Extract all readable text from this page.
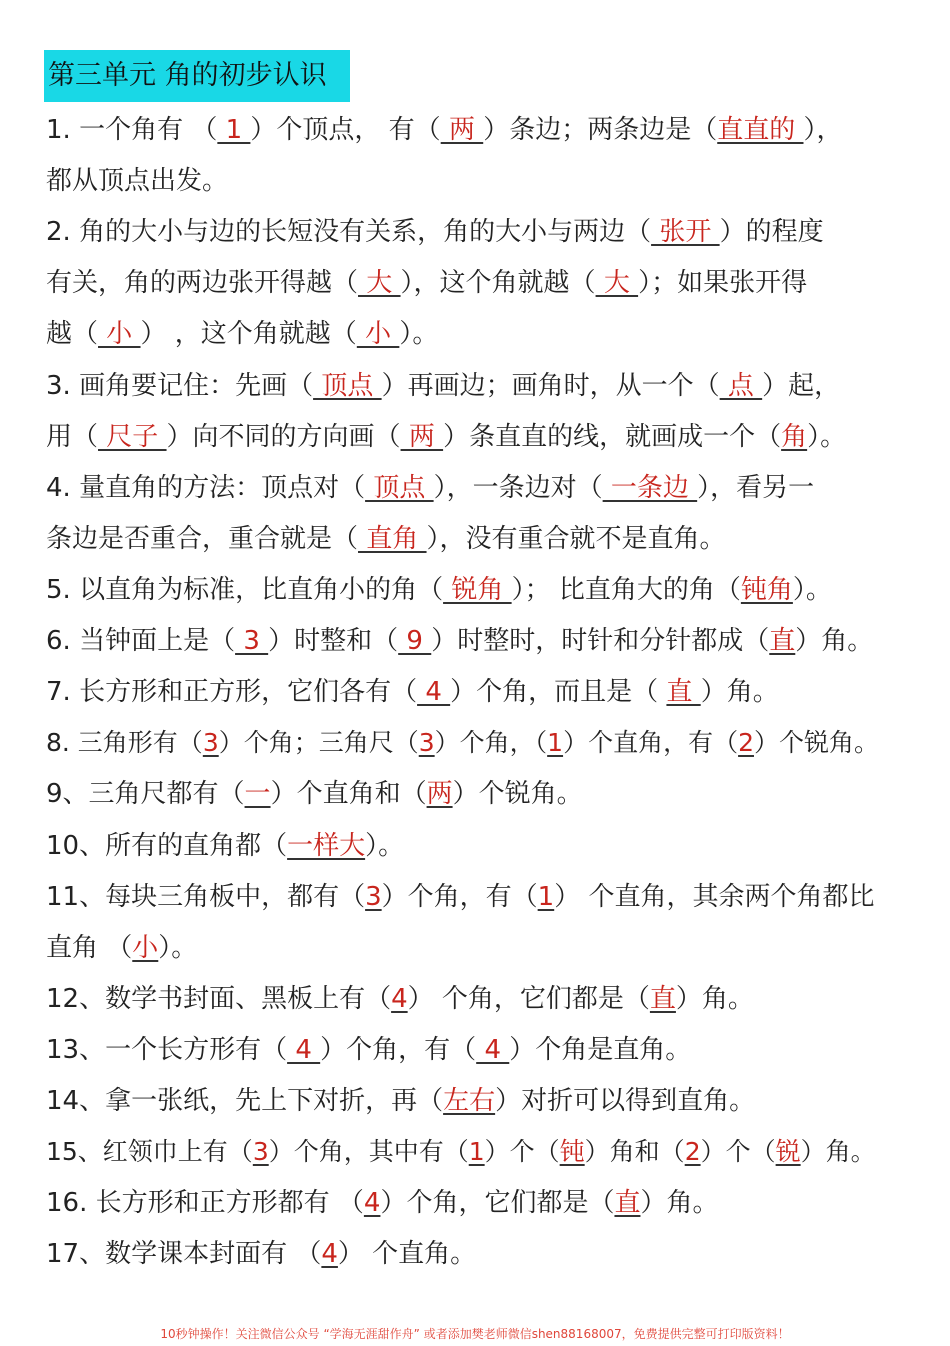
第三单元 角的初步认识
1. 一个角有 （ 1 ）个顶点， 有（ 两 ）条边；两条边是（直直的 ），
都从顶点出发。
2. 角的大小与边的长短没有关系，角的大小与两边（ 张开 ）的程度
有关，角的两边张开得越（ 大 ），这个角就越（ 大 ）；如果张开得
越（ 小 ） ，这个角就越（ 小 ）。
3. 画角要记住：先画（ 顶点 ）再画边；画角时，从一个（ 点 ）起，
用（ 尺子 ）向不同的方向画（ 两 ）条直直的线，就画成一个（角）。
4. 量直角的方法：顶点对（ 顶点 ），一条边对（ 一条边 ），看另一
条边是否重合，重合就是（ 直角 ），没有重合就不是直角。
5. 以直角为标准，比直角小的角（ 锐角 ）； 比直角大的角（钝角）。
6. 当钟面上是（ 3 ）时整和（ 9 ）时整时，时针和分针都成（直）角。
7. 长方形和正方形，它们各有（ 4 ）个角，而且是（ 直 ）角。
8. 三角形有（3）个角；三角尺（3）个角，（1）个直角，有（2）个锐角。
9、三角尺都有（一）个直角和（两）个锐角。
10、所有的直角都（一样大）。
11、每块三角板中，都有（3）个角，有（1） 个直角，其余两个角都比
直角 （小）。
12、数学书封面、黑板上有（4） 个角，它们都是（直）角。
13、一个长方形有（ 4 ）个角，有（ 4 ）个角是直角。
14、拿一张纸，先上下对折，再（左右）对折可以得到直角。
15、红领巾上有（3）个角，其中有（1）个（钝）角和（2）个（锐）角。
16. 长方形和正方形都有 （4）个角，它们都是（直）角。
17、数学课本封面有 （4） 个直角。
10秒钟操作！关注微信公众号 “学海无涯甜作舟” 或者添加樊老师微信shen88168007，免费提供完整可打印版资料！
